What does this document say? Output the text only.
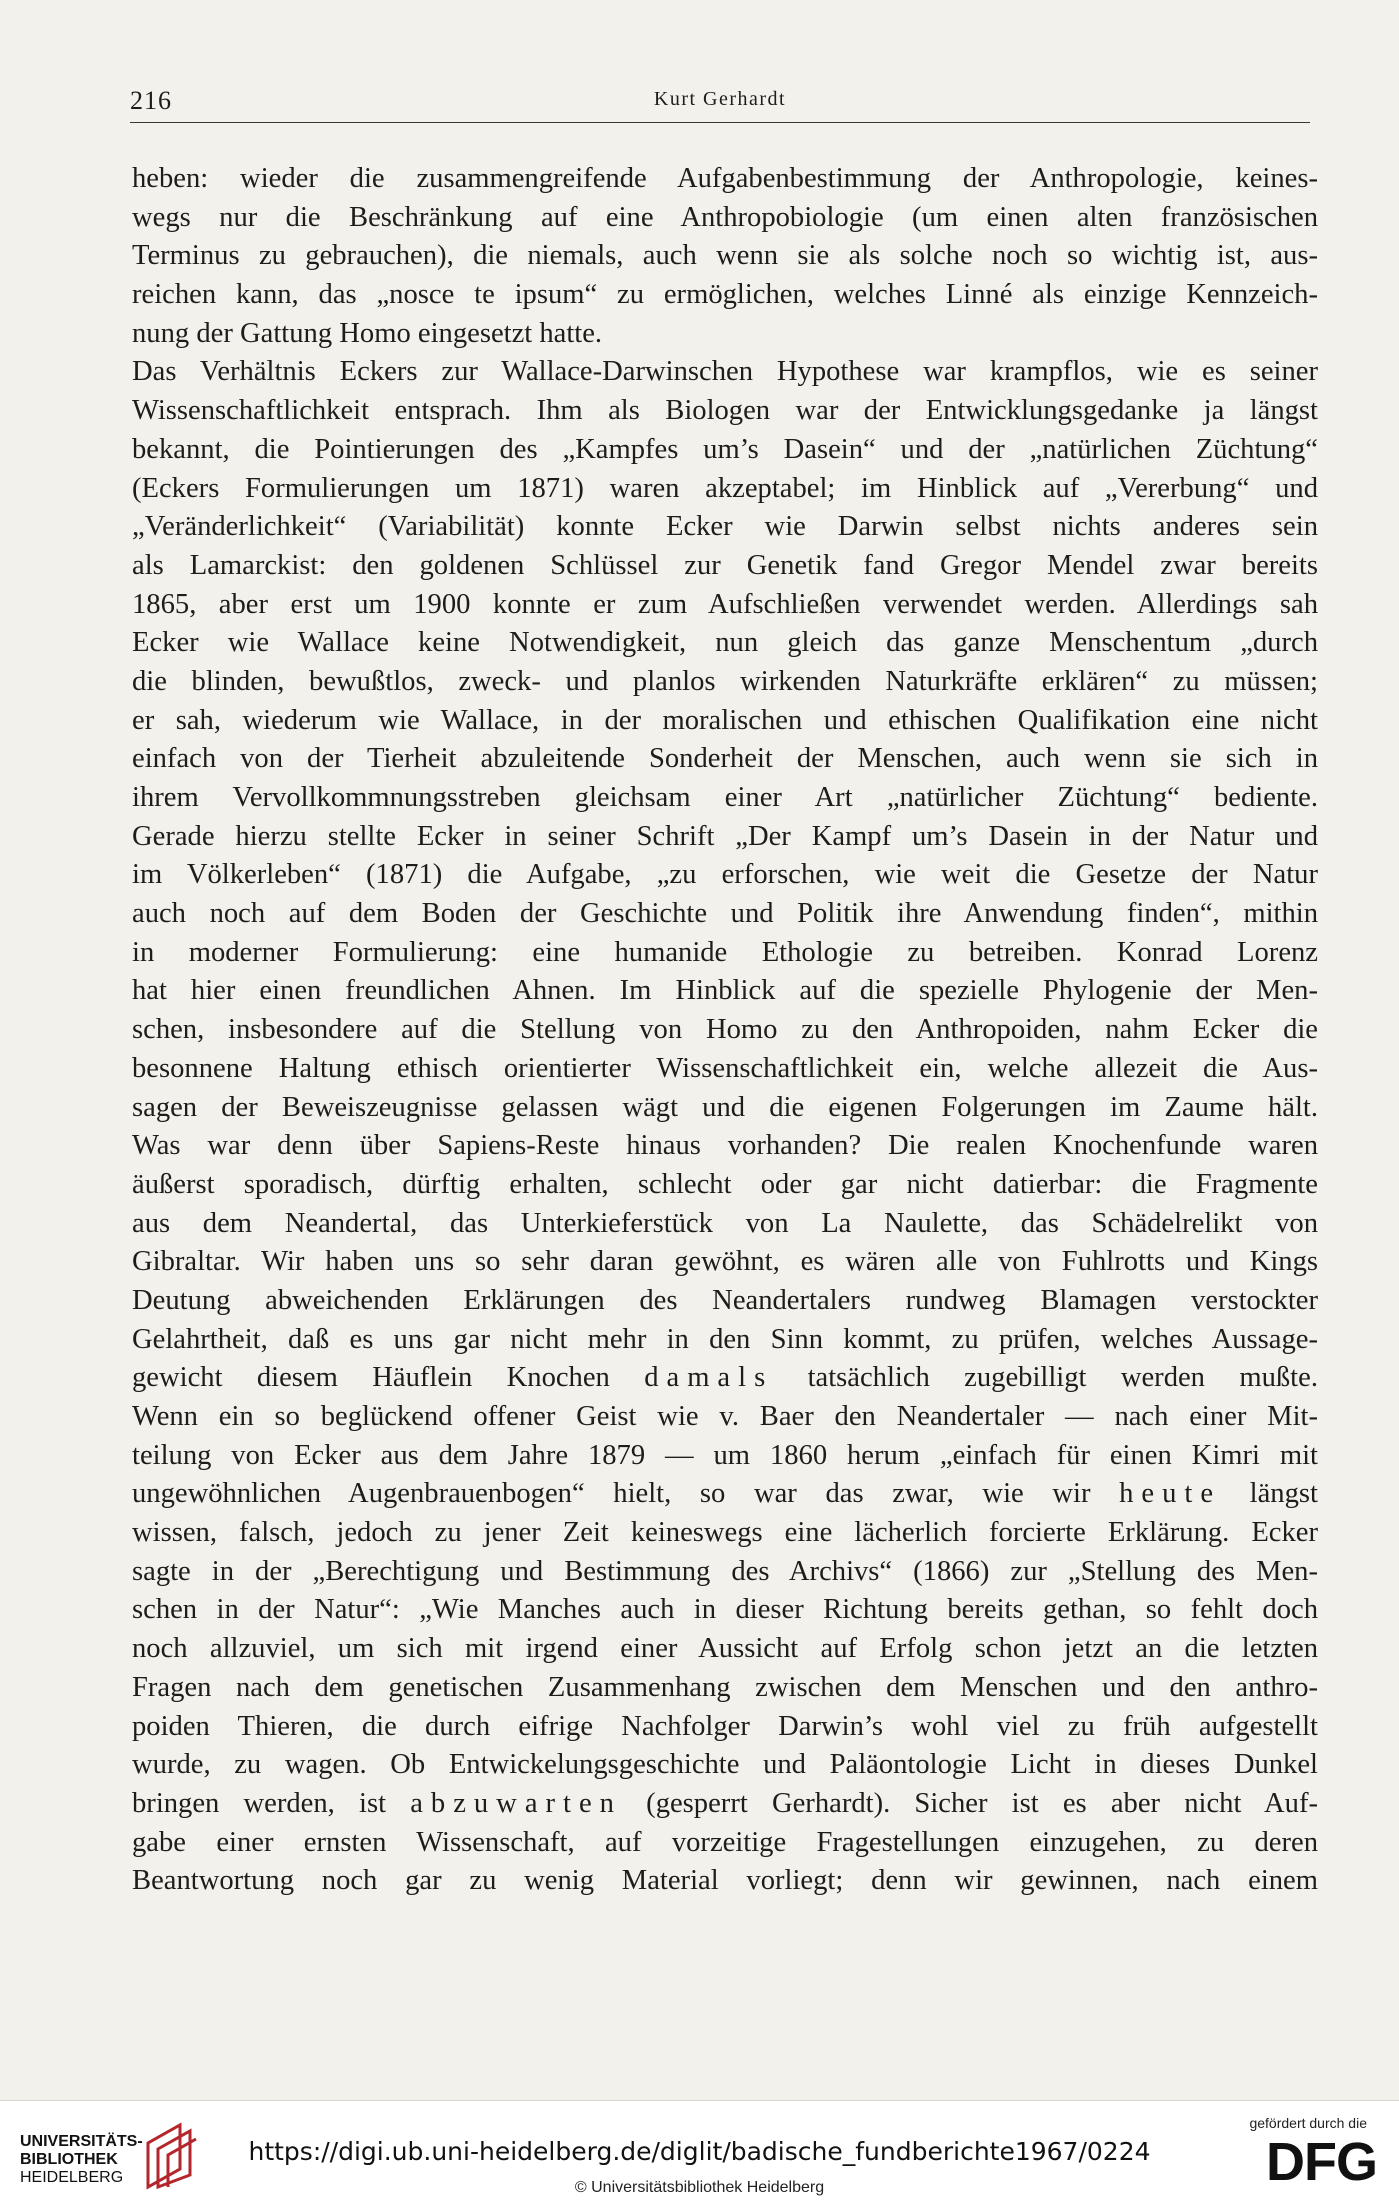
216	Kurt Gerhardt
heben: wieder die zusammengreifende Aufgabenbestimmung der Anthropologie, keines-
wegs nur die Beschränkung auf eine Anthropobiologie (um einen alten französischen
Terminus zu gebrauchen), die niemals, auch wenn sie als solche noch so wichtig ist, aus-
reichen kann, das „nosce te ipsum“ zu ermöglichen, welches Linné als einzige Kennzeich-
nung der Gattung Homo eingesetzt hatte.
Das Verhältnis Eckers zur Wallace-Darwinschen Hypothese war krampflos, wie es seiner
Wissenschaftlichkeit entsprach. Ihm als Biologen war der Entwicklungsgedanke ja längst
bekannt, die Pointierungen des „Kampfes um’s Dasein“ und der „natürlichen Züchtung“
(Eckers Formulierungen um 1871) waren akzeptabel; im Hinblick auf „Vererbung“ und
„Veränderlichkeit“ (Variabilität) konnte Ecker wie Darwin selbst nichts anderes sein
als Lamarckist: den goldenen Schlüssel zur Genetik fand Gregor Mendel zwar bereits
1865, aber erst um 1900 konnte er zum Aufschließen verwendet werden. Allerdings sah
Ecker wie Wallace keine Notwendigkeit, nun gleich das ganze Menschentum „durch
die blinden, bewußtlos, zweck- und planlos wirkenden Naturkräfte erklären“ zu müssen;
er sah, wiederum wie Wallace, in der moralischen und ethischen Qualifikation eine nicht
einfach von der Tierheit abzuleitende Sonderheit der Menschen, auch wenn sie sich in
ihrem Vervollkommnungsstreben gleichsam einer Art „natürlicher Züchtung“ bediente.
Gerade hierzu stellte Ecker in seiner Schrift „Der Kampf um’s Dasein in der Natur und
im Völkerleben“ (1871) die Aufgabe, „zu erforschen, wie weit die Gesetze der Natur
auch noch auf dem Boden der Geschichte und Politik ihre Anwendung finden“, mithin
in moderner Formulierung: eine humanide Ethologie zu betreiben. Konrad Lorenz
hat hier einen freundlichen Ahnen. Im Hinblick auf die spezielle Phylogenie der Men-
schen, insbesondere auf die Stellung von Homo zu den Anthropoiden, nahm Ecker die
besonnene Haltung ethisch orientierter Wissenschaftlichkeit ein, welche allezeit die Aus-
sagen der Beweiszeugnisse gelassen wägt und die eigenen Folgerungen im Zaume hält.
Was war denn über Sapiens-Reste hinaus vorhanden? Die realen Knochenfunde waren
äußerst sporadisch, dürftig erhalten, schlecht oder gar nicht datierbar: die Fragmente
aus dem Neandertal, das Unterkieferstück von La Naulette, das Schädelrelikt von
Gibraltar. Wir haben uns so sehr daran gewöhnt, es wären alle von Fuhlrotts und Kings
Deutung abweichenden Erklärungen des Neandertalers rundweg Blamagen verstockter
Gelahrtheit, daß es uns gar nicht mehr in den Sinn kommt, zu prüfen, welches Aussage-
gewicht diesem Häuflein Knochen damals tatsächlich zugebilligt werden mußte.
Wenn ein so beglückend offener Geist wie v. Baer den Neandertaler — nach einer Mit-
teilung von Ecker aus dem Jahre 1879 — um 1860 herum „einfach für einen Kimri mit
ungewöhnlichen Augenbrauenbogen“ hielt, so war das zwar, wie wir heute längst
wissen, falsch, jedoch zu jener Zeit keineswegs eine lächerlich forcierte Erklärung. Ecker
sagte in der „Berechtigung und Bestimmung des Archivs“ (1866) zur „Stellung des Men-
schen in der Natur“: „Wie Manches auch in dieser Richtung bereits gethan, so fehlt doch
noch allzuviel, um sich mit irgend einer Aussicht auf Erfolg schon jetzt an die letzten
Fragen nach dem genetischen Zusammenhang zwischen dem Menschen und den anthro-
poiden Thieren, die durch eifrige Nachfolger Darwin’s wohl viel zu früh aufgestellt
wurde, zu wagen. Ob Entwickelungsgeschichte und Paläontologie Licht in dieses Dunkel
bringen werden, ist abzuwarten (gesperrt Gerhardt). Sicher ist es aber nicht Auf-
gabe einer ernsten Wissenschaft, auf vorzeitige Fragestellungen einzugehen, zu deren
Beantwortung noch gar zu wenig Material vorliegt; denn wir gewinnen, nach einem
UNIVERSITÄTS-
BIBLIOTHEK
HEIDELBERG
https://digi.ub.uni-heidelberg.de/diglit/badische_fundberichte1967/0224
© Universitätsbibliothek Heidelberg
gefördert durch die
DFG
